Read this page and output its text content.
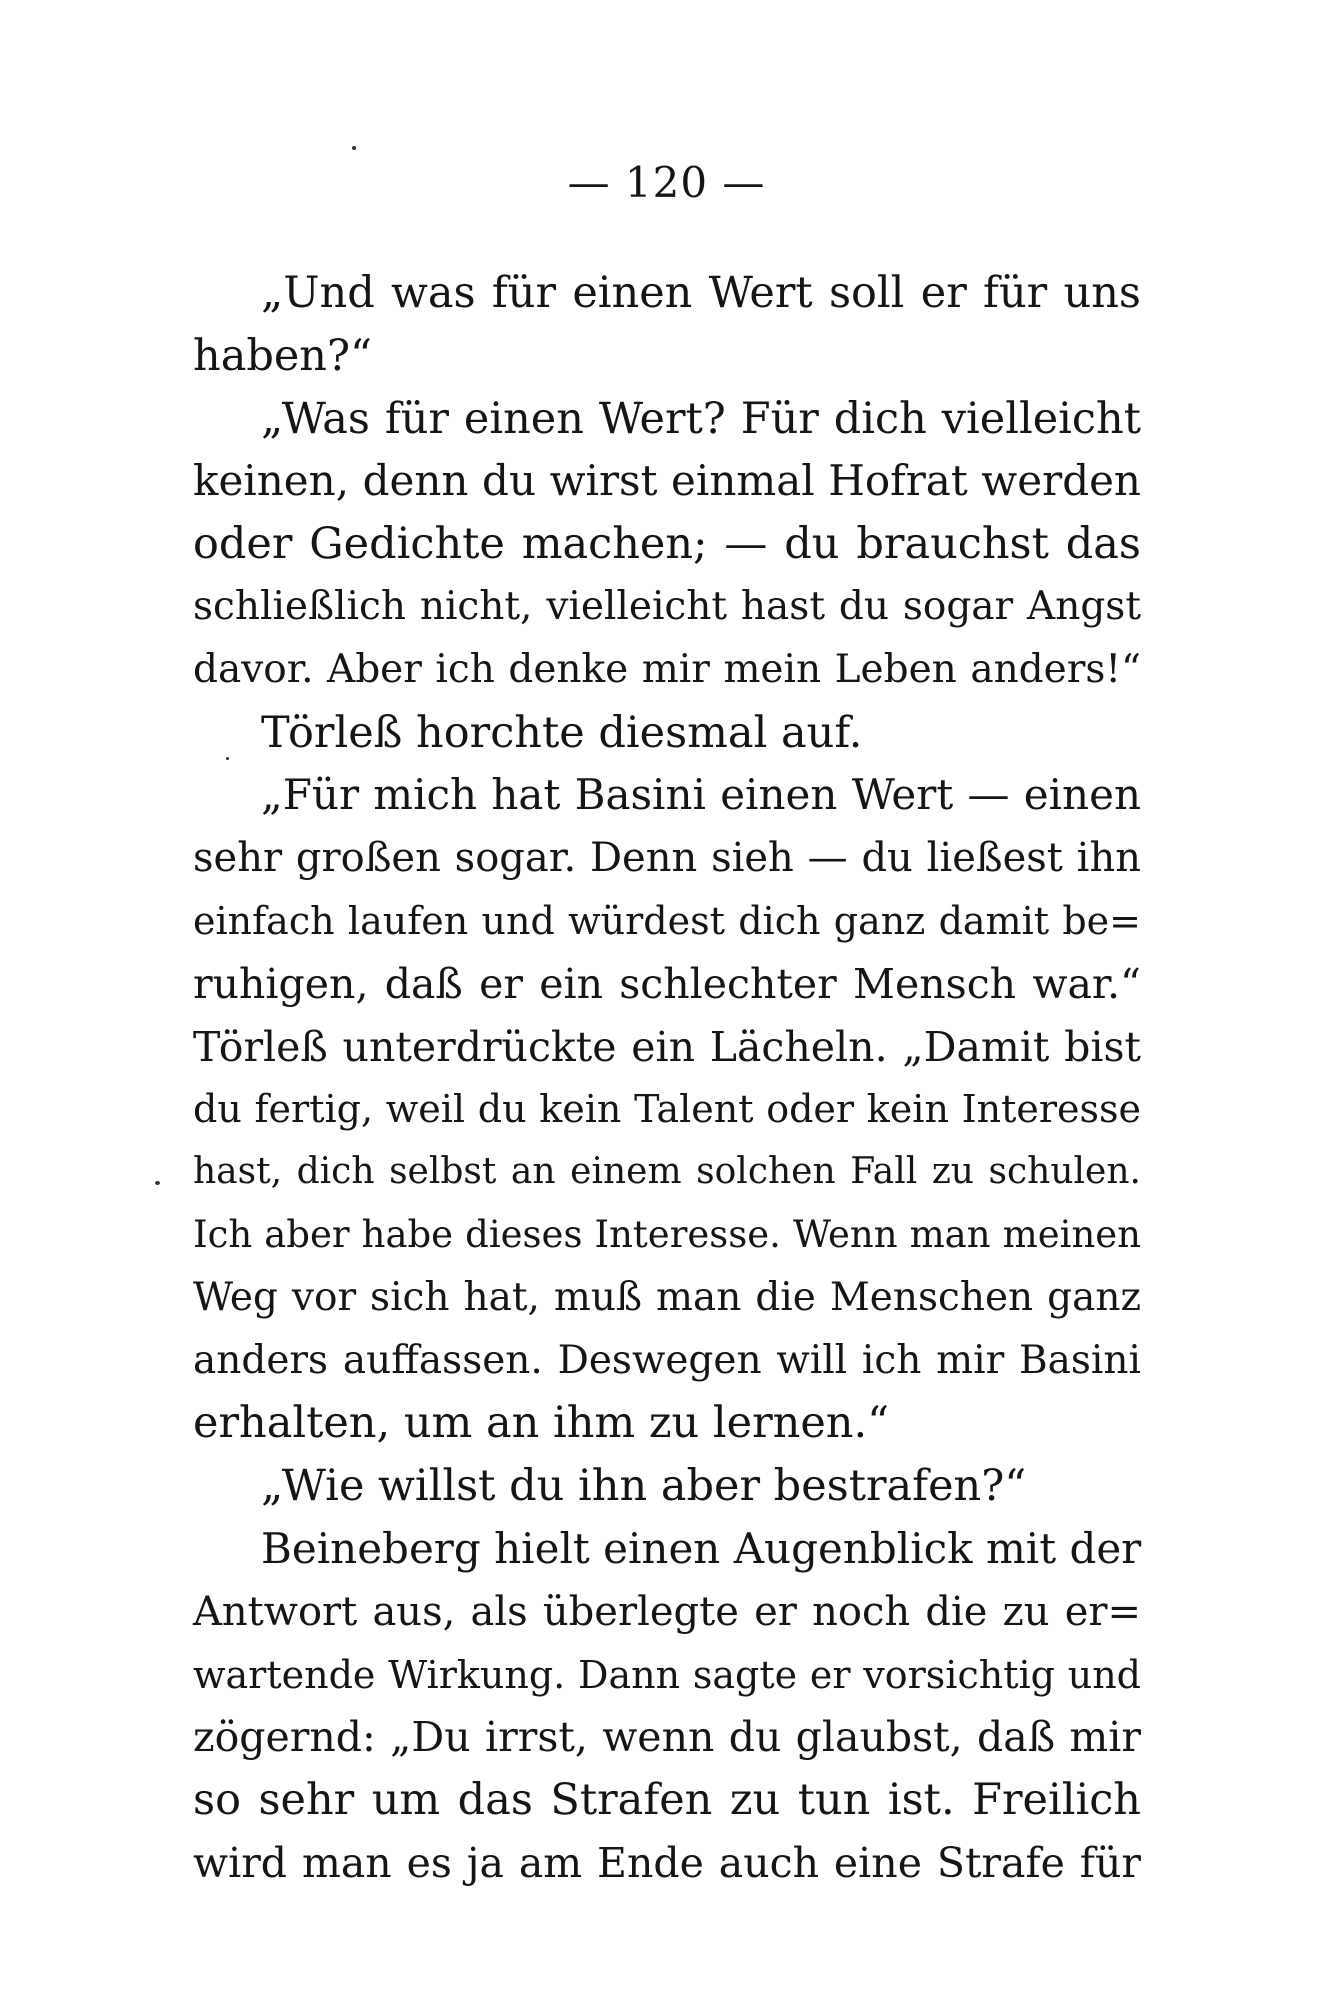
— 120 —
„Und was für einen Wert soll er für uns
haben?“
„Was für einen Wert? Für dich vielleicht
keinen, denn du wirst einmal Hofrat werden
oder Gedichte machen; — du brauchst das
schließlich nicht, vielleicht hast du sogar Angst
davor. Aber ich denke mir mein Leben anders!“
Törleß horchte diesmal auf.
„Für mich hat Basini einen Wert — einen
sehr großen sogar. Denn sieh — du ließest ihn
einfach laufen und würdest dich ganz damit be=
ruhigen, daß er ein schlechter Mensch war.“
Törleß unterdrückte ein Lächeln. „Damit bist
du fertig, weil du kein Talent oder kein Interesse
hast, dich selbst an einem solchen Fall zu schulen.
Ich aber habe dieses Interesse. Wenn man meinen
Weg vor sich hat, muß man die Menschen ganz
anders auffassen. Deswegen will ich mir Basini
erhalten, um an ihm zu lernen.“
„Wie willst du ihn aber bestrafen?“
Beineberg hielt einen Augenblick mit der
Antwort aus, als überlegte er noch die zu er=
wartende Wirkung. Dann sagte er vorsichtig und
zögernd: „Du irrst, wenn du glaubst, daß mir
so sehr um das Strafen zu tun ist. Freilich
wird man es ja am Ende auch eine Strafe für
